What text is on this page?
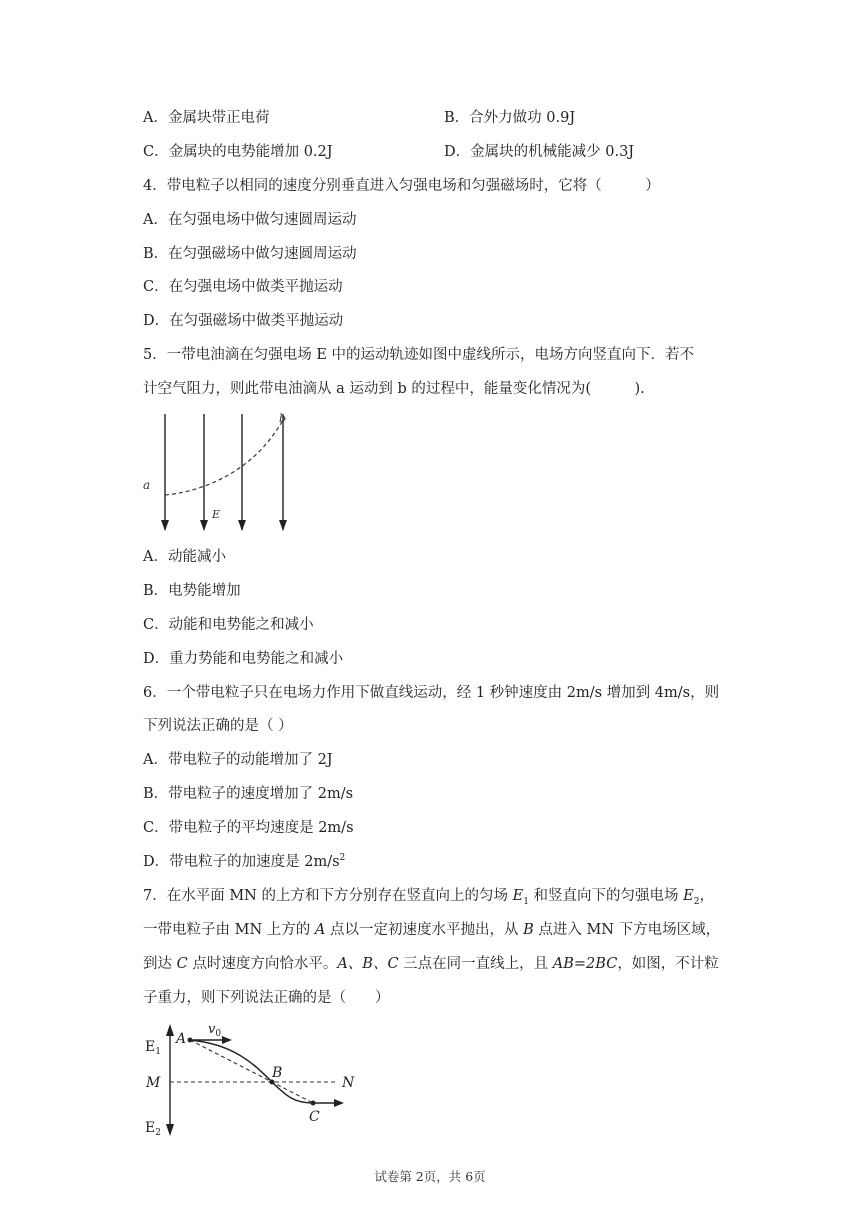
A．金属块带正电荷	B．合外力做功 0.9J
C．金属块的电势能增加 0.2J	D．金属块的机械能减少 0.3J
4．带电粒子以相同的速度分别垂直进入匀强电场和匀强磁场时，它将（　　　）
A．在匀强电场中做匀速圆周运动
B．在匀强磁场中做匀速圆周运动
C．在匀强电场中做类平抛运动
D．在匀强磁场中做类平抛运动
5．一带电油滴在匀强电场 E 中的运动轨迹如图中虚线所示，电场方向竖直向下．若不
计空气阻力，则此带电油滴从 a 运动到 b 的过程中，能量变化情况为(　　　).
a
b
E
A．动能减小
B．电势能增加
C．动能和电势能之和减小
D．重力势能和电势能之和减小
6．一个带电粒子只在电场力作用下做直线运动，经 1 秒钟速度由 2m/s 增加到 4m/s，则
下列说法正确的是（ ）
A．带电粒子的动能增加了 2J
B．带电粒子的速度增加了 2m/s
C．带电粒子的平均速度是 2m/s
D．带电粒子的加速度是 $2m/s^2$
7．在水平面 MN 的上方和下方分别存在竖直向上的匀场 $E_1$ 和竖直向下的匀强电场 $E_2$，
一带电粒子由 MN 上方的 A 点以一定初速度水平抛出，从 B 点进入 MN 下方电场区域，
到达 C 点时速度方向恰水平。A、B、C 三点在同一直线上，且 AB=2BC，如图，不计粒
子重力，则下列说法正确的是（　　）
$E_1$
$E_2$
M	N
A
B
C
$v_0$
试卷第 2页，共 6页
